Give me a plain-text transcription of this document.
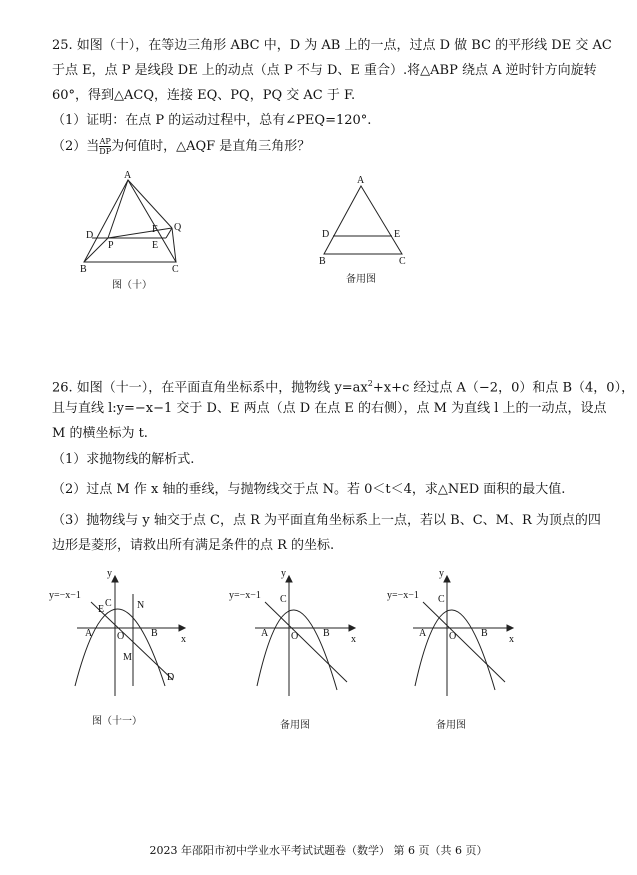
25. 如图（十），在等边三角形 ABC 中，D 为 AB 上的一点，过点 D 做 BC 的平形线 DE 交 AC
于点 E，点 P 是线段 DE 上的动点（点 P 不与 D、E 重合）.将△ABP 绕点 A 逆时针方向旋转
60°，得到△ACQ，连接 EQ、PQ，PQ 交 AC 于 F.
（1）证明：在点 P 的运动过程中，总有∠PEQ=120°.
（2）当 $\frac{AP}{DP}$ 为何值时，△AQF 是直角三角形？
A
D
P
F Q
E
B	C
图（十）
A
D	E
B	C
备用图
26. 如图（十一），在平面直角坐标系中，抛物线 $y=ax^2+x+c$ 经过点 A（−2，0）和点 B（4，0），
且与直线 l:y=−x−1 交于 D、E 两点（点 D 在点 E 的右侧），点 M 为直线 l 上的一动点，设点
M 的横坐标为 t.
（1）求抛物线的解析式.
（2）过点 M 作 x 轴的垂线，与抛物线交于点 N。若 0＜t＜4，求△NED 面积的最大值.
（3）抛物线与 y 轴交于点 C，点 R 为平面直角坐标系上一点，若以 B、C、M、R 为顶点的四
边形是菱形，请救出所有满足条件的点 R 的坐标.
y
x
O
A	B
C
E	N
M
D
y=−x−1
图（十一）
y
x
O
A	B
C
y=−x−1
备用图
y
x
O
A	B
C
y=−x−1
备用图
2023 年邵阳市初中学业水平考试试题卷（数学） 第 6 页（共 6 页）
